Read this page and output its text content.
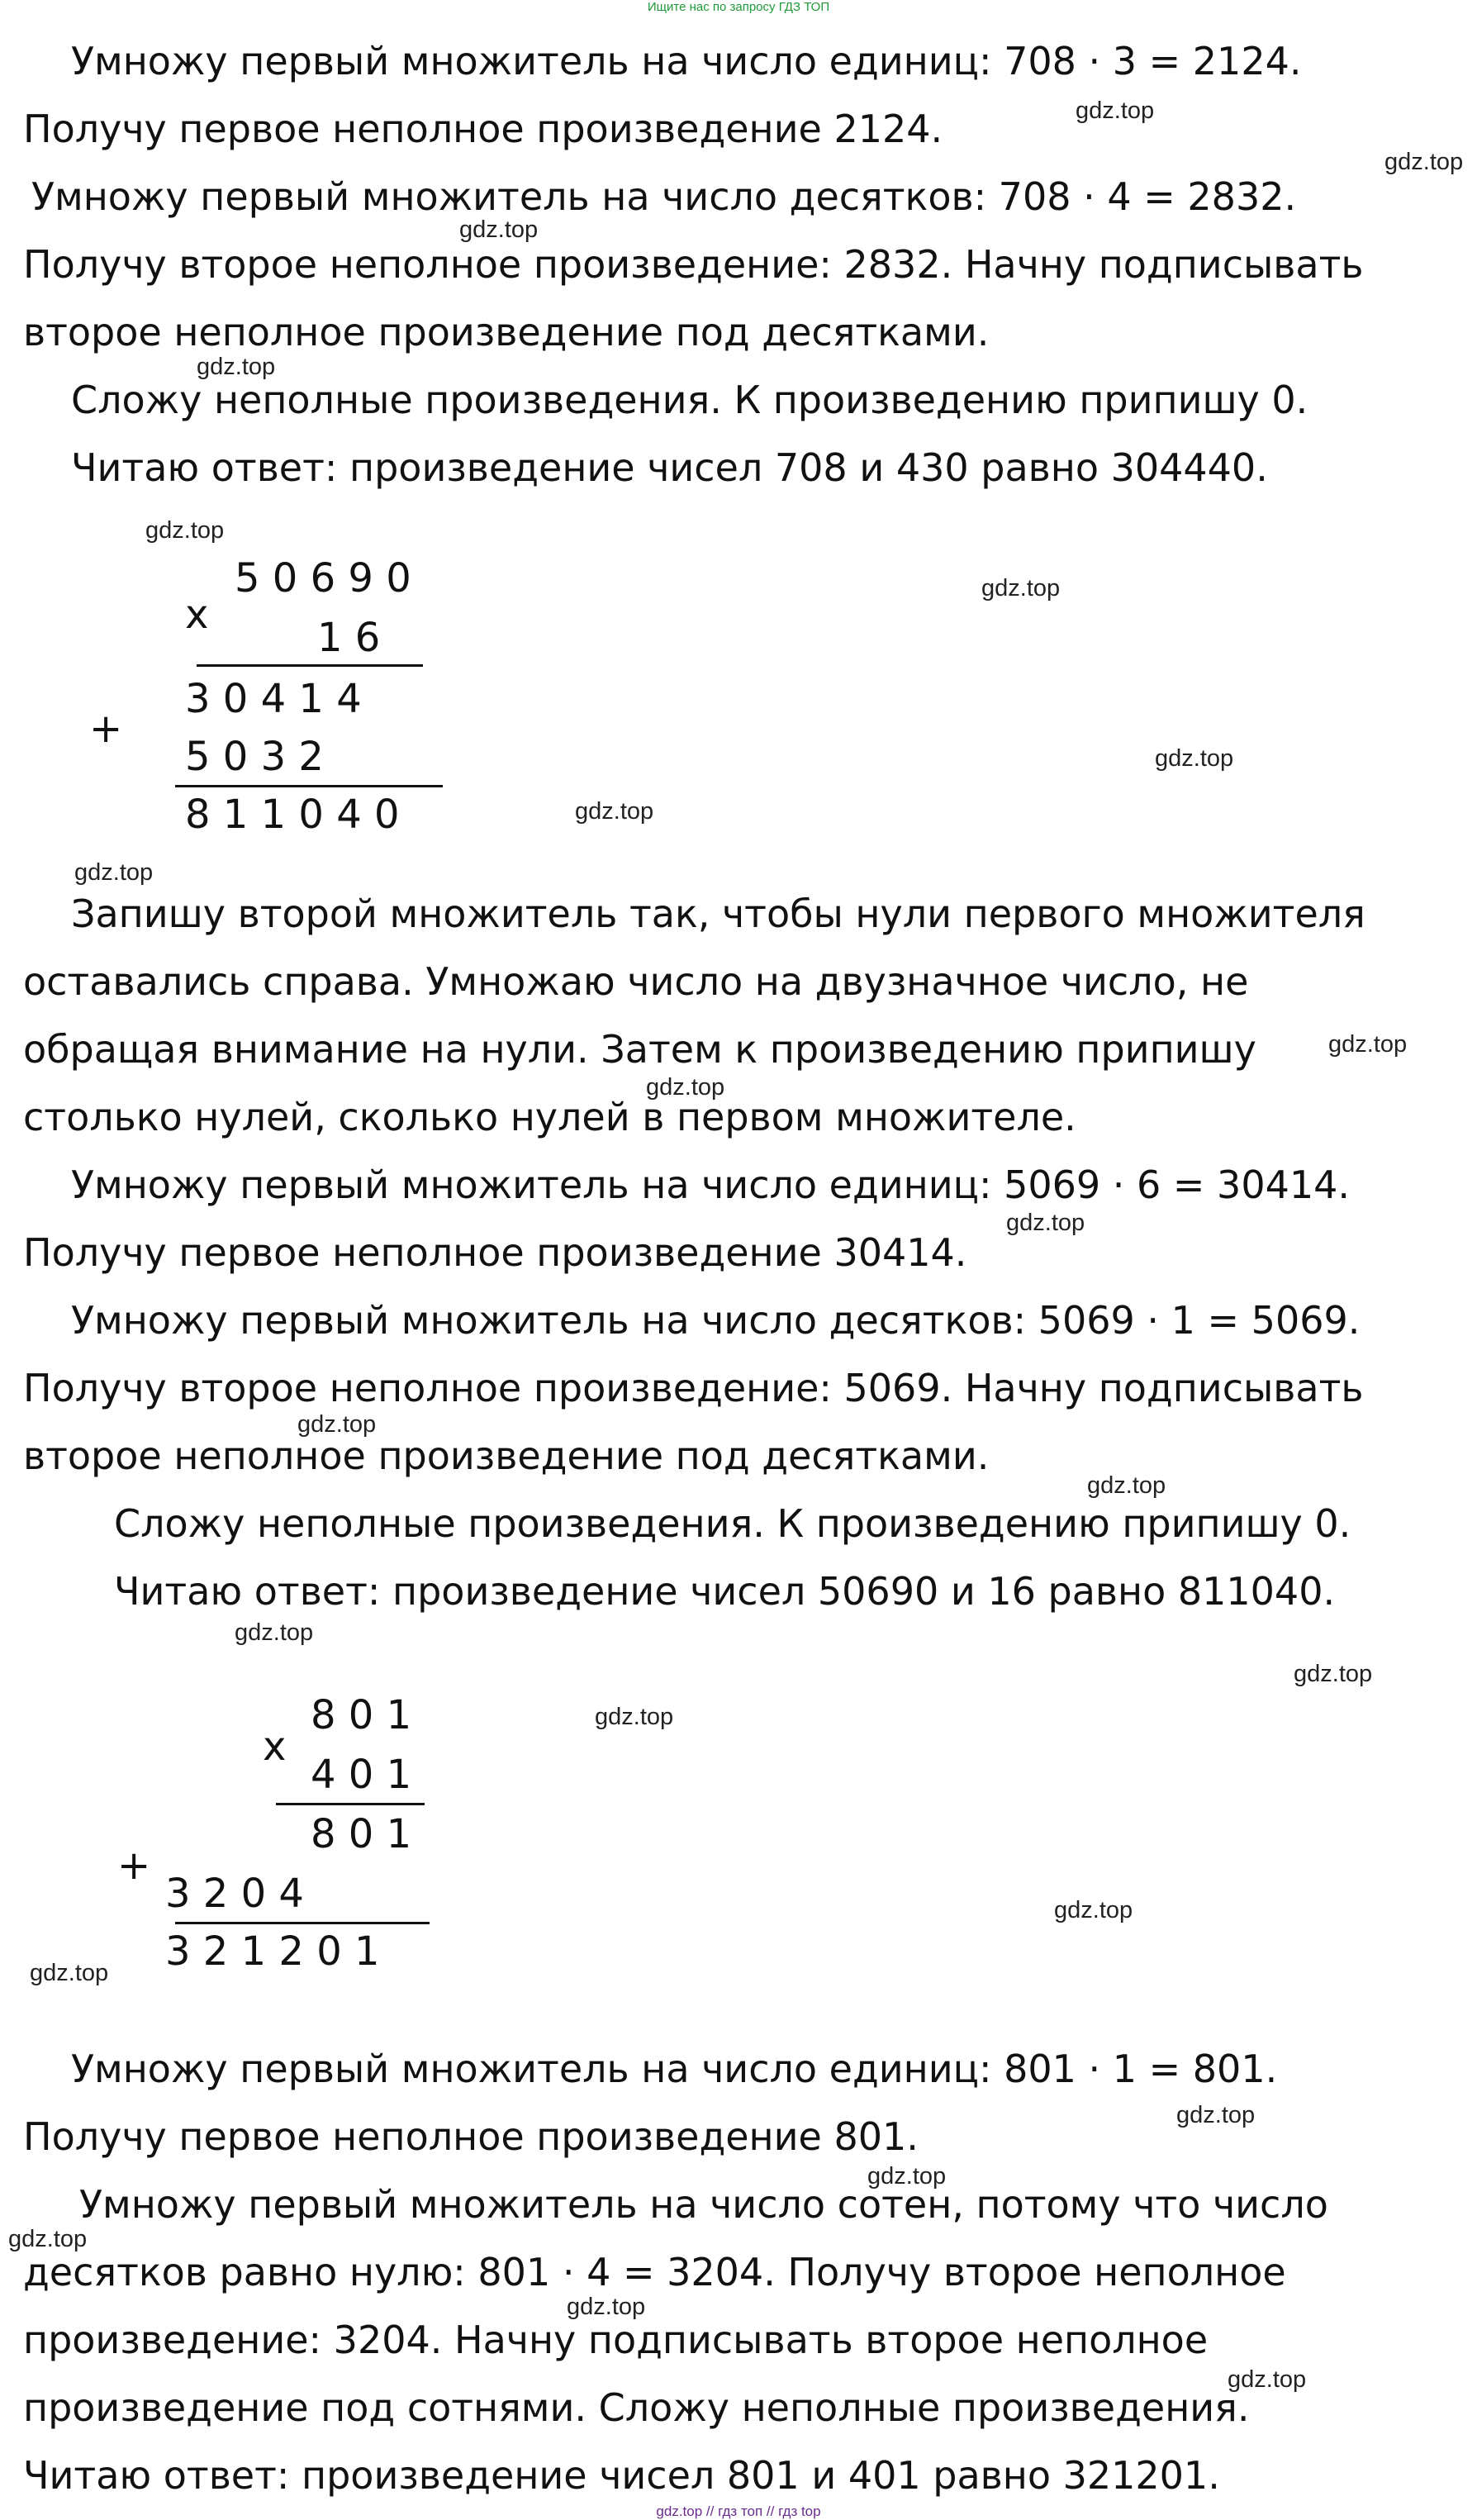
Ищите нас по запросу ГДЗ ТОП
gdz.top // гдз топ // гдз top
Умножу первый множитель на число единиц: 708 · 3 = 2124.
Получу первое неполное произведение 2124.
Умножу первый множитель на число десятков: 708 · 4 = 2832.
Получу второе неполное произведение: 2832. Начну подписывать
второе неполное произведение под десятками.
Сложу неполные произведения. К произведению припишу 0.
Читаю ответ: произведение чисел 708 и 430 равно 304440.
x
5 0 6 9 0
1 6
+
3 0 4 1 4
5 0 3 2
8 1 1 0 4 0
Запишу второй множитель так, чтобы нули первого множителя
оставались справа. Умножаю число на двузначное число, не
обращая внимание на нули. Затем к произведению припишу
столько нулей, сколько нулей в первом множителе.
Умножу первый множитель на число единиц: 5069 · 6 = 30414.
Получу первое неполное произведение 30414.
Умножу первый множитель на число десятков: 5069 · 1 = 5069.
Получу второе неполное произведение: 5069. Начну подписывать
второе неполное произведение под десятками.
Сложу неполные произведения. К произведению припишу 0.
Читаю ответ: произведение чисел 50690 и 16 равно 811040.
x
8 0 1
4 0 1
+
8 0 1
3 2 0 4
3 2 1 2 0 1
Умножу первый множитель на число единиц: 801 · 1 = 801.
Получу первое неполное произведение 801.
Умножу первый множитель на число сотен, потому что число
десятков равно нулю: 801 · 4 = 3204. Получу второе неполное
произведение: 3204. Начну подписывать второе неполное
произведение под сотнями. Сложу неполные произведения.
Читаю ответ: произведение чисел 801 и 401 равно 321201.
gdz.top
gdz.top
gdz.top
gdz.top
gdz.top
gdz.top
gdz.top
gdz.top
gdz.top
gdz.top
gdz.top
gdz.top
gdz.top
gdz.top
gdz.top
gdz.top
gdz.top
gdz.top
gdz.top
gdz.top
gdz.top
gdz.top
gdz.top
gdz.top
